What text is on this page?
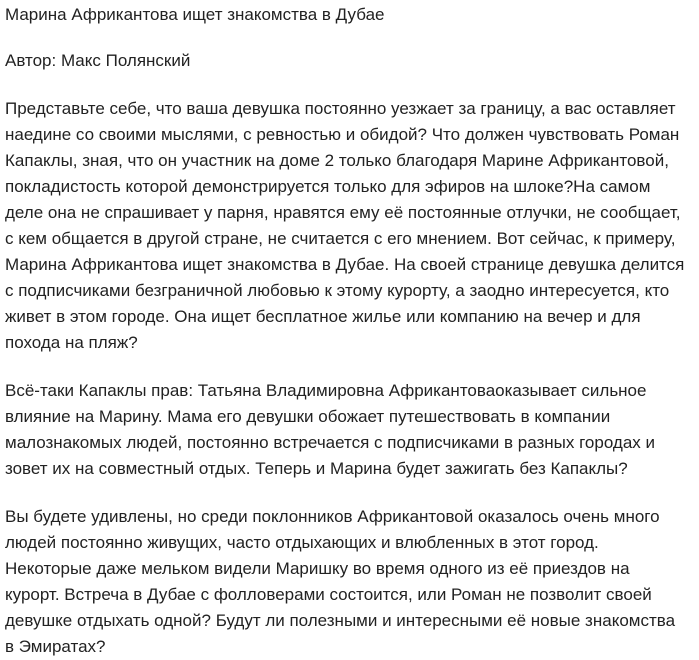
Марина Африкантова ищет знакомства в Дубае

Автор: Макс Полянский

Представьте себе, что ваша девушка постоянно уезжает за границу, а вас оставляет наедине со своими мыслями, с ревностью и обидой? Что должен чувствовать Роман Капаклы, зная, что он участник на доме 2 только благодаря Марине Африкантовой, покладистость которой демонстрируется только для эфиров на шлоке?На самом деле она не спрашивает у парня, нравятся ему её постоянные отлучки, не сообщает, с кем общается в другой стране, не считается с его мнением. Вот сейчас, к примеру, Марина Африкантова ищет знакомства в Дубае. На своей странице девушка делится с подписчиками безграничной любовью к этому курорту, а заодно интересуется, кто живет в этом городе. Она ищет бесплатное жилье или компанию на вечер и для похода на пляж?

Всё-таки Капаклы прав: Татьяна Владимировна Африкантоваоказывает сильное влияние на Марину. Мама его девушки обожает путешествовать в компании малознакомых людей, постоянно встречается с подписчиками в разных городах и зовет их на совместный отдых. Теперь и Марина будет зажигать без Капаклы?

Вы будете удивлены, но среди поклонников Африкантовой оказалось очень много людей постоянно живущих, часто отдыхающих и влюбленных в этот город. Некоторые даже мельком видели Маришку во время одного из её приездов на курорт. Встреча в Дубае с фолловерами состоится, или Роман не позволит своей девушке отдыхать одной? Будут ли полезными и интересными её новые знакомства в Эмиратах?
